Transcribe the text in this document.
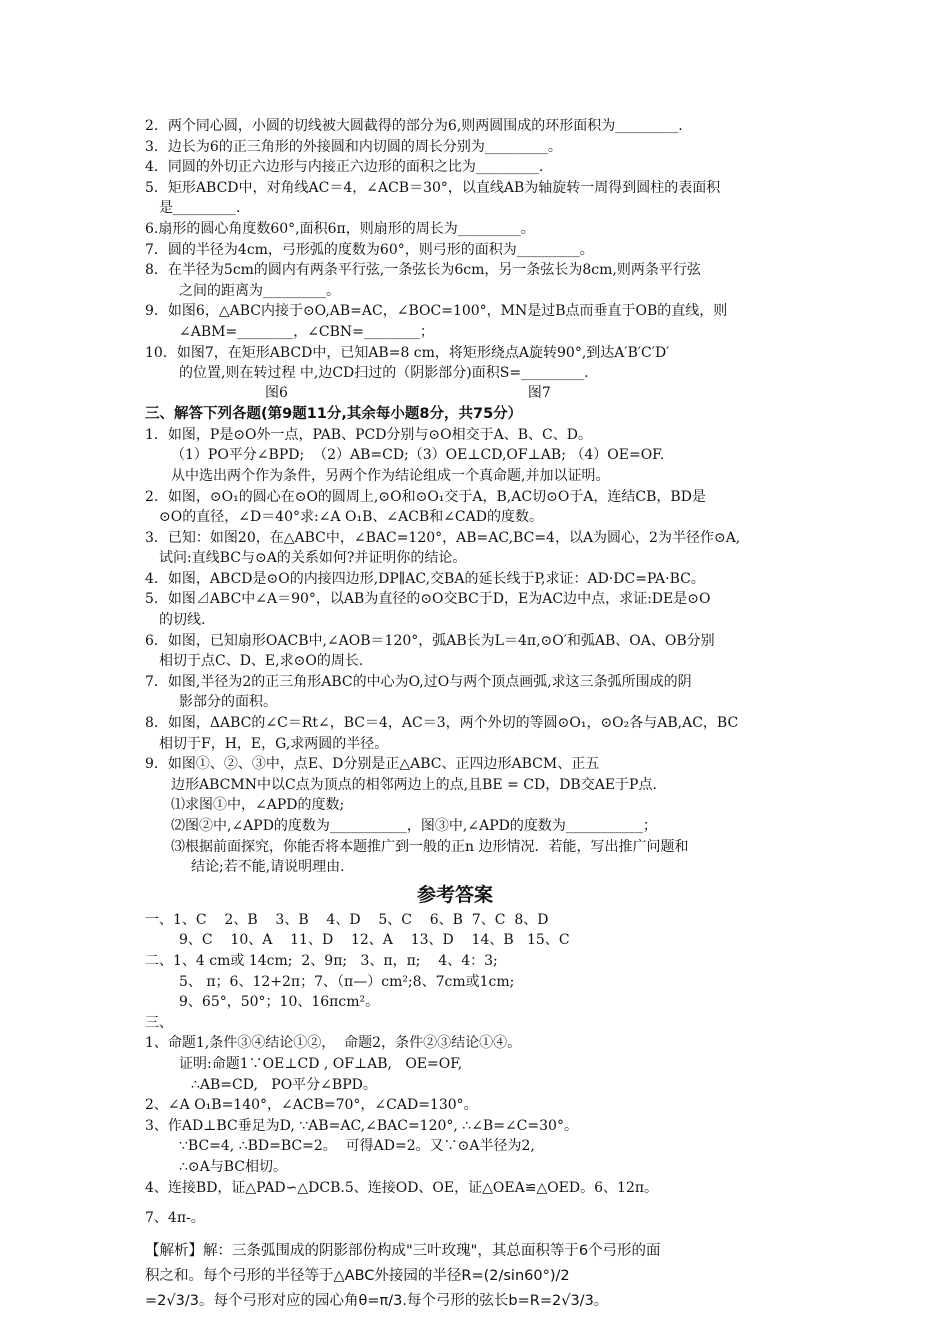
2．两个同心圆，小圆的切线被大圆截得的部分为6,则两圆围成的环形面积为_________.

3．边长为6的正三角形的外接圆和内切圆的周长分别为_________。

4．同圆的外切正六边形与内接正六边形的面积之比为_________.

5．矩形ABCD中，对角线AC＝4，∠ACB＝30°，以直线AB为轴旋转一周得到圆柱的表面积

是_________.

6.扇形的圆心角度数60°,面积6π，则扇形的周长为_________。

7．圆的半径为4cm，弓形弧的度数为60°，则弓形的面积为_________。

8．在半径为5cm的圆内有两条平行弦,一条弦长为6cm，另一条弦长为8cm,则两条平行弦

之间的距离为_________。

9．如图6，△ABC内接于⊙O,AB=AC，∠BOC=100°，MN是过B点而垂直于OB的直线，则

∠ABM=________，∠CBN=________；

10．如图7，在矩形ABCD中，已知AB=8 cm，将矩形绕点A旋转90°,到达A′B′C′D′

的位置,则在转过程 中,边CD扫过的（阴影部分)面积S=_________.

图6	图7

三、解答下列各题(第9题11分,其余每小题8分，共75分）

1．如图，P是⊙O外一点，PAB、PCD分别与⊙O相交于A、B、C、D。

（1）PO平分∠BPD;  （2）AB=CD;（3）OE⊥CD,OF⊥AB; （4）OE=OF.

从中选出两个作为条件，另两个作为结论组成一个真命题,并加以证明。

2．如图，⊙O₁的圆心在⊙O的圆周上,⊙O和⊙O₁交于A，B,AC切⊙O于A，连结CB，BD是

⊙O的直径，∠D＝40°求:∠A O₁B、∠ACB和∠CAD的度数。

3．已知：如图20，在△ABC中，∠BAC=120°，AB=AC,BC=4，以A为圆心，2为半径作⊙A,

试问:直线BC与⊙A的关系如何?并证明你的结论。

4．如图，ABCD是⊙O的内接四边形,DP∥AC,交BA的延长线于P,求证：AD·DC=PA·BC。

5．如图⊿ABC中∠A＝90°，以AB为直径的⊙O交BC于D，E为AC边中点，求证:DE是⊙O

的切线.

6．如图，已知扇形OACB中,∠AOB＝120°，弧AB长为L＝4π,⊙O′和弧AB、OA、OB分别

相切于点C、D、E,求⊙O的周长.

7．如图,半径为2的正三角形ABC的中心为O,过O与两个顶点画弧,求这三条弧所围成的阴

影部分的面积。

8．如图，ΔABC的∠C＝Rt∠，BC＝4，AC＝3，两个外切的等圆⊙O₁，⊙O₂各与AB,AC，BC

相切于F，H，E，G,求两圆的半径。

9．如图①、②、③中，点E、D分别是正△ABC、正四边形ABCM、正五

边形ABCMN中以C点为顶点的相邻两边上的点,且BE = CD，DB交AE于P点.

⑴求图①中，∠APD的度数;

⑵图②中,∠APD的度数为___________，图③中,∠APD的度数为___________；

⑶根据前面探究，你能否将本题推广到一般的正n 边形情况．若能，写出推广问题和

结论;若不能,请说明理由.

参考答案

一、1、C    2、B    3、B    4、D    5、C    6、B  7、C  8、D

9、C    10、A    11、D    12、A    13、D    14、B   15、C

二、1、4 cm或 14cm;  2、9π;   3、π，π;    4、4：3;

5、 π；6、12+2π；7、（π—）cm²;8、7cm或1cm;

9、65°，50°；10、16πcm²。

三、

1、命题1,条件③④结论①②，  命题2，条件②③结论①④。

证明:命题1∵OE⊥CD , OF⊥AB,   OE=OF,

∴AB=CD,   PO平分∠BPD。

2、∠A O₁B=140°，∠ACB=70°，∠CAD=130°。

3、作AD⊥BC垂足为D, ∵AB=AC,∠BAC=120°, ∴∠B=∠C=30°。

∵BC=4, ∴BD=BC=2。  可得AD=2。又∵⊙A半径为2,

∴⊙A与BC相切。

4、连接BD，证△PAD∽△DCB.5、连接OD、OE，证△OEA≌△OED。6、12π。

7、4π-。

【解析】解：三条弧围成的阴影部份构成"三叶玫瑰"，其总面积等于6个弓形的面

积之和。每个弓形的半径等于△ABC外接园的半径R=(2/sin60°)/2

=2√3/3。每个弓形对应的园心角θ=π/3.每个弓形的弦长b=R=2√3/3。
